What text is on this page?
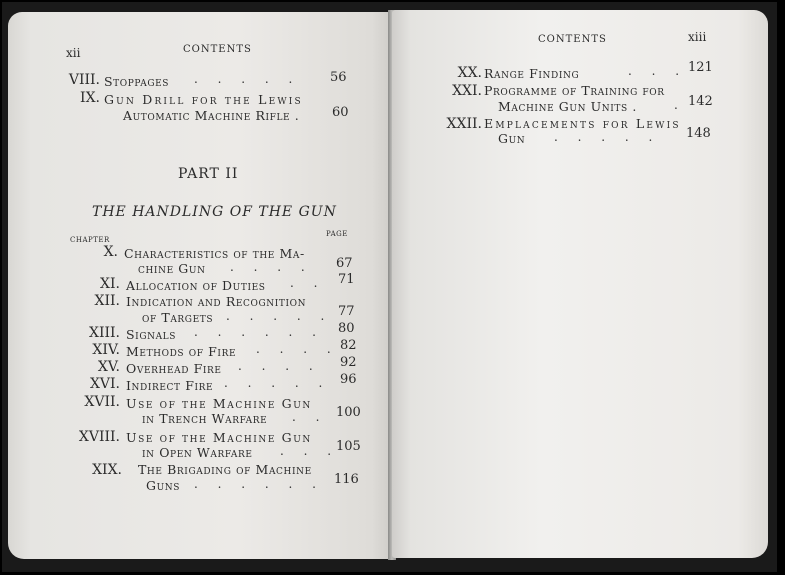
xii	CONTENTS
VIII. Stoppages . . . . . 56
IX. Gun Drill for the Lewis
Automatic Machine Rifle .	60
PART II
THE HANDLING OF THE GUN
CHAPTER
PAGE
X. Characteristics of the Ma-
chine Gun . . . . 67
XI. Allocation of Duties . . 71
XII. Indication and Recognition
of Targets . . . . . 77
XIII. Signals . . . . . . 80
XIV. Methods of Fire . . . . 82
XV. Overhead Fire . . . . 92
XVI. Indirect Fire . . . . . 96
XVII. Use of the Machine Gun
in Trench Warfare . . 100
XVIII. Use of the Machine Gun
in Open Warfare . . .
105
XIX. The Brigading of Machine
Guns . . . . . . 116
CONTENTS	xiii
XX. Range Finding	. . . 121
XXI. Programme of Training for
Machine Gun Units .	. 142
XXII. Emplacements for Lewis
Gun . . . . . 148
